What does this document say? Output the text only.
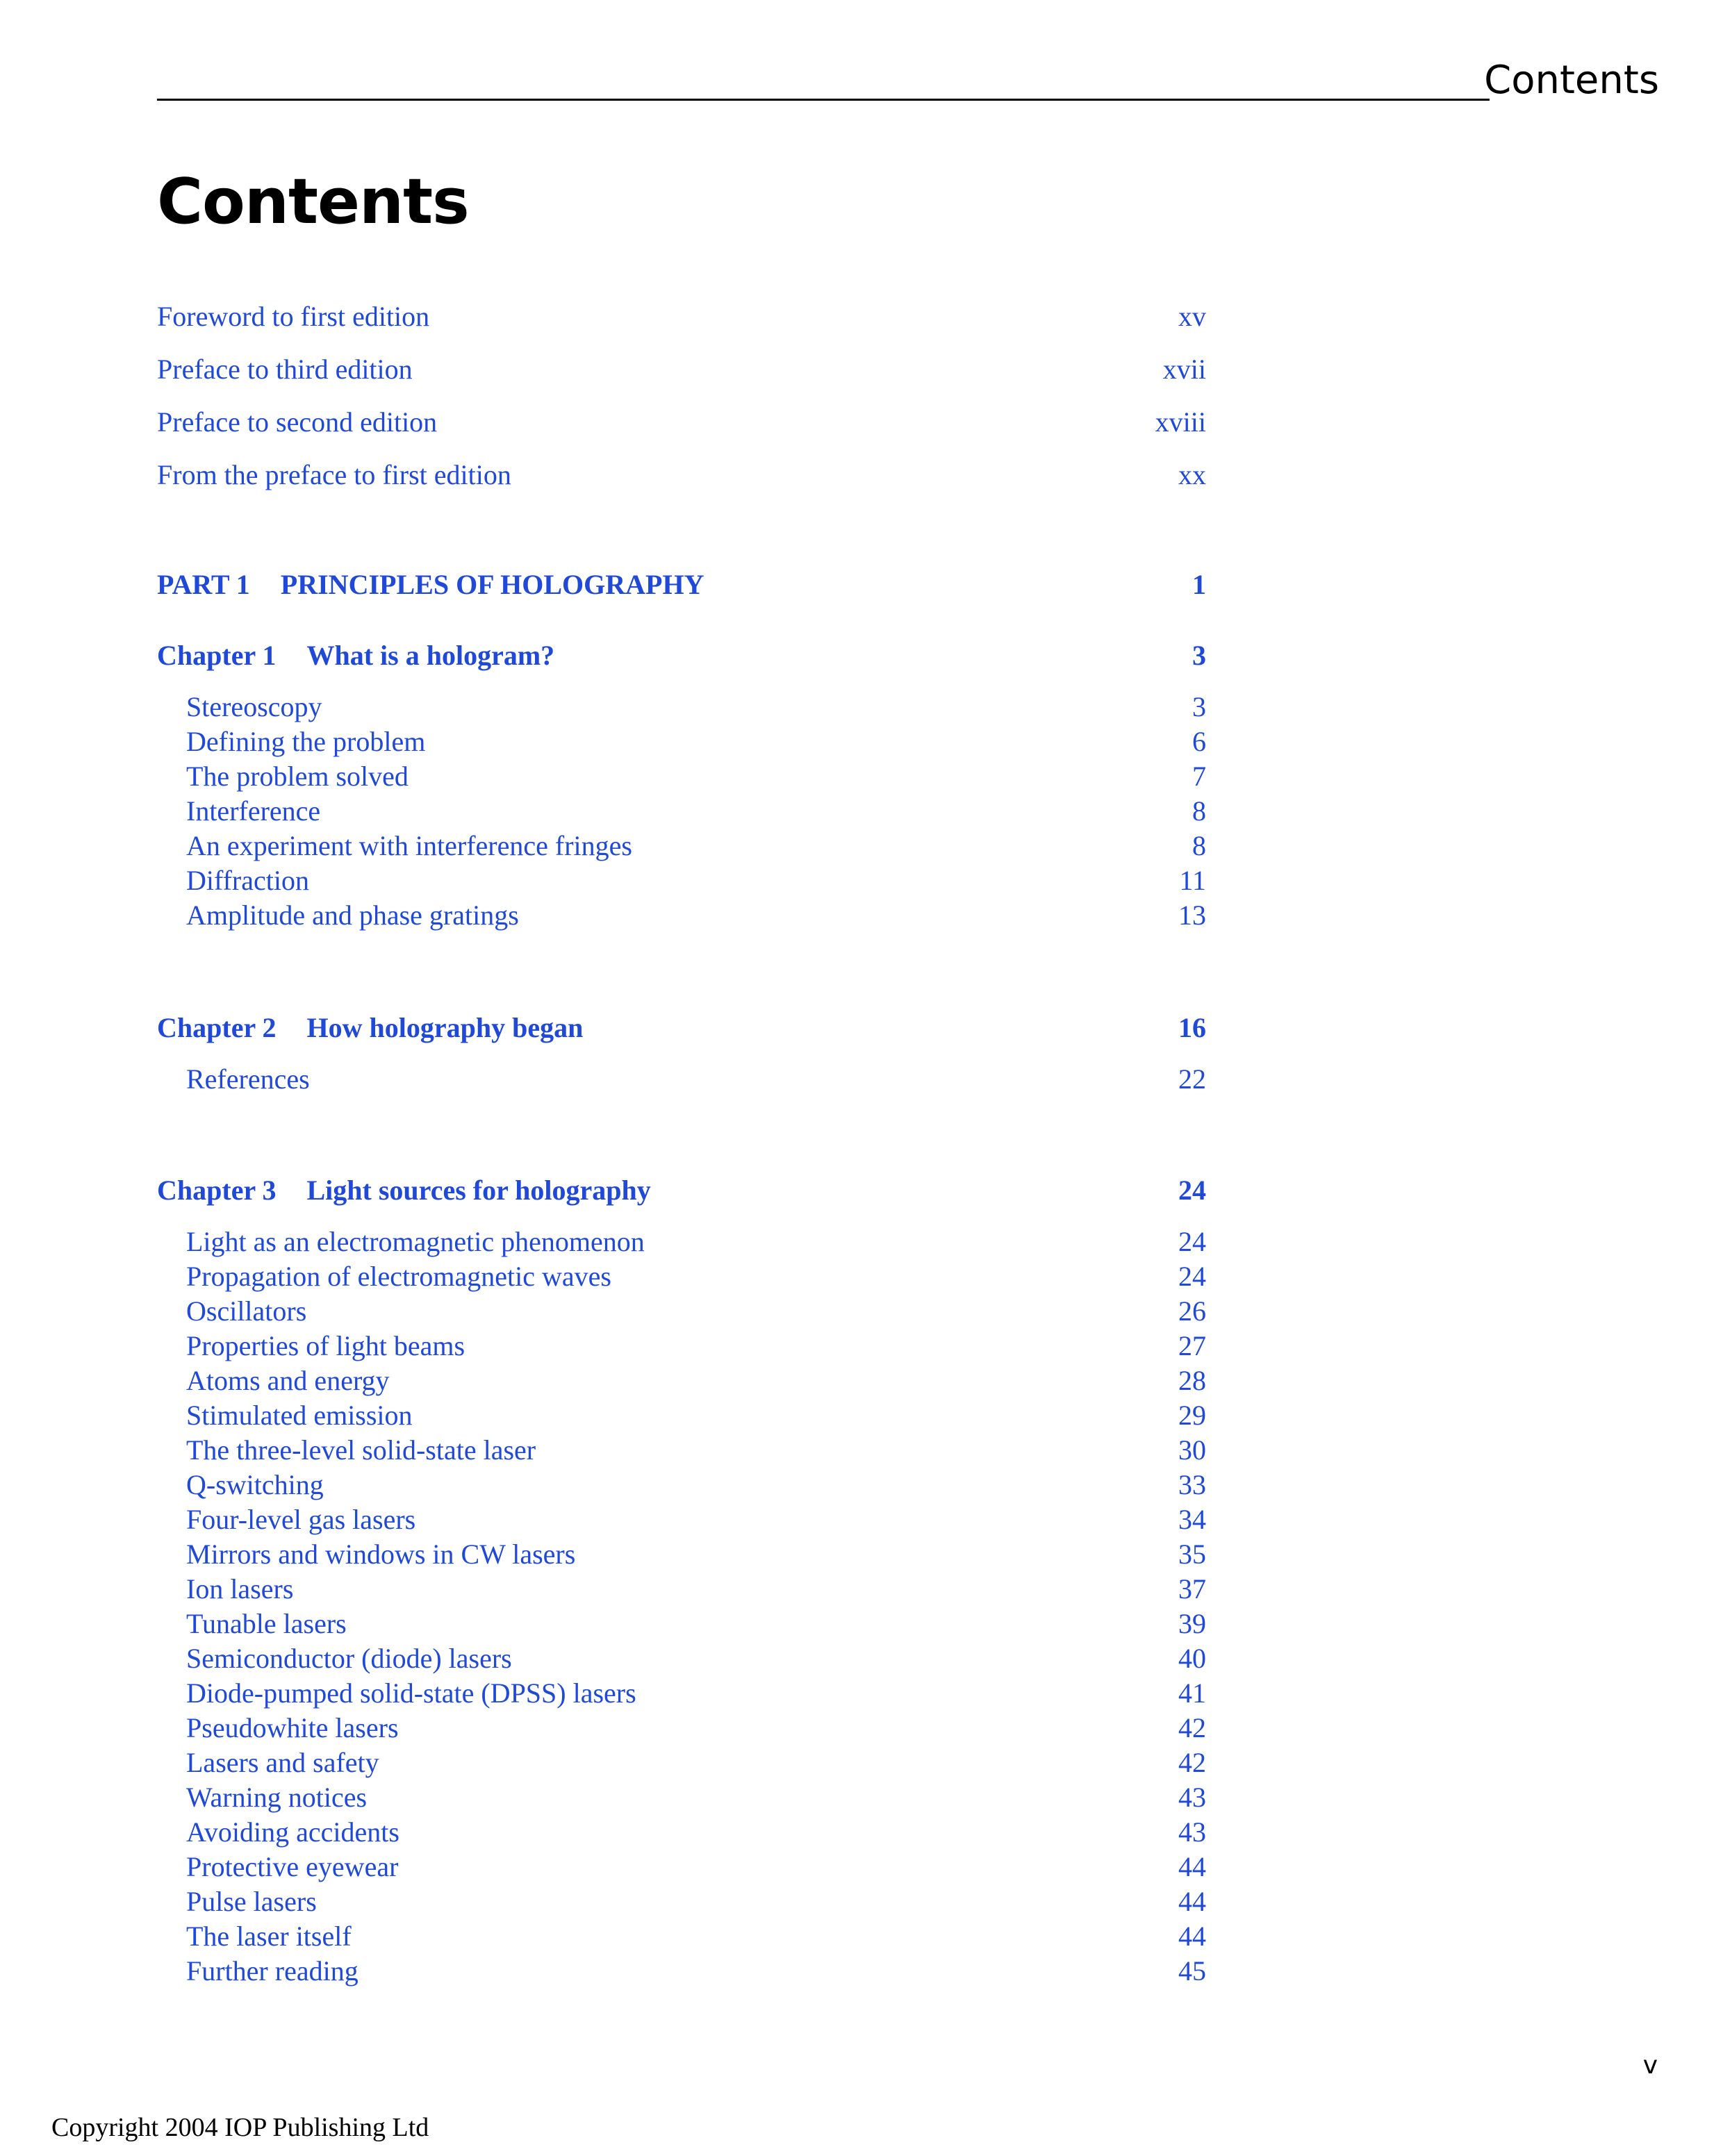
Contents
Contents
Foreword to first edition	xv
Preface to third edition	xvii
Preface to second edition	xviii
From the preface to first edition	xx
PART 1 PRINCIPLES OF HOLOGRAPHY	1
Chapter 1 What is a hologram?	3
Stereoscopy	3
Defining the problem	6
The problem solved	7
Interference	8
An experiment with interference fringes	8
Diffraction	11
Amplitude and phase gratings	13
Chapter 2 How holography began	16
References	22
Chapter 3 Light sources for holography	24
Light as an electromagnetic phenomenon	24
Propagation of electromagnetic waves	24
Oscillators	26
Properties of light beams	27
Atoms and energy	28
Stimulated emission	29
The three-level solid-state laser	30
Q-switching	33
Four-level gas lasers	34
Mirrors and windows in CW lasers	35
Ion lasers	37
Tunable lasers	39
Semiconductor (diode) lasers	40
Diode-pumped solid-state (DPSS) lasers	41
Pseudowhite lasers	42
Lasers and safety	42
Warning notices	43
Avoiding accidents	43
Protective eyewear	44
Pulse lasers	44
The laser itself	44
Further reading	45
v
Copyright 2004 IOP Publishing Ltd
